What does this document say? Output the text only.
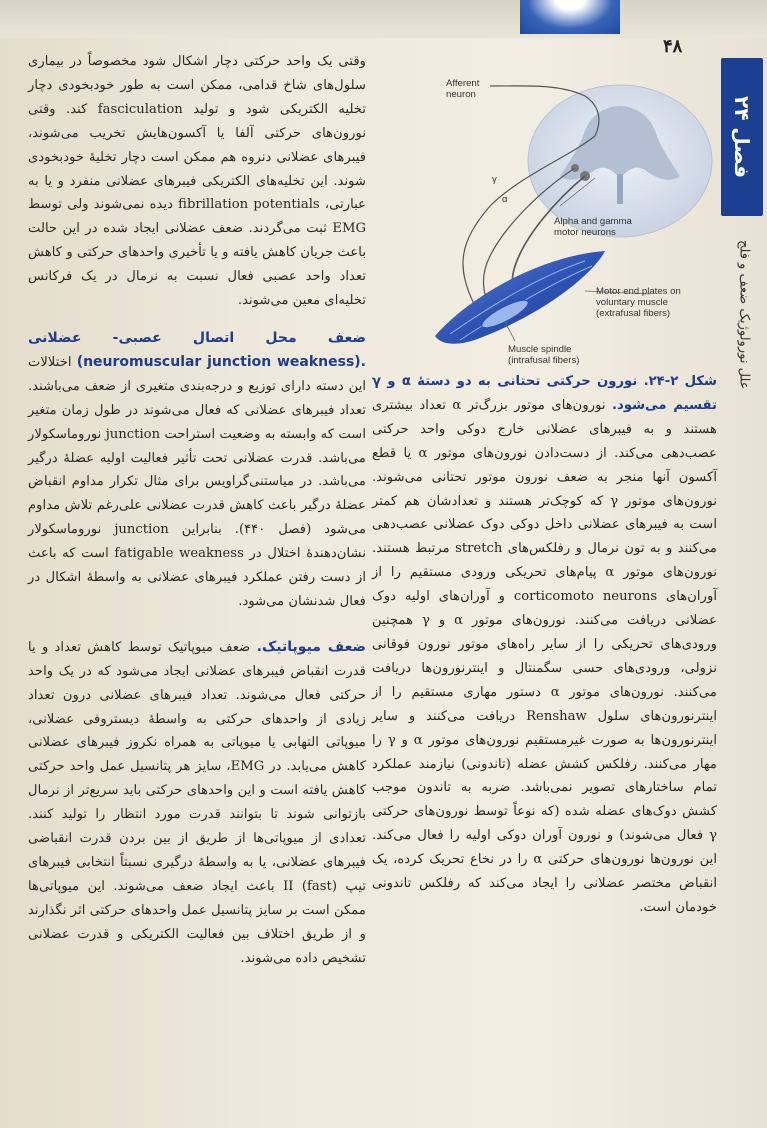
۴۸
فصل ۲۴
علل نورولوژیک ضعف و فلج
Afferent
neuron
γ
α
Alpha and gamma
motor neurons
Motor end plates on
voluntary muscle
(extrafusal fibers)
Muscle spindle
(intrafusal fibers)
شکل ۲-۲۴. نورون حرکتی تحتانی به دو دستهٔ α و γ تقسیم می‌شود. نورون‌های موتور بزرگ‌تر α تعداد بیشتری هستند و به فیبرهای عضلانی خارج دوکی واحد حرکتی عصب‌دهی می‌کند. از دست‌دادن نورون‌های موتور α یا قطع آکسون آنها منجر به ضعف نورون موتور تحتانی می‌شوند. نورون‌های موتور γ که کوچک‌تر هستند و تعدادشان هم کمتر است به فیبرهای عضلانی داخل دوکی دوک عضلانی عصب‌دهی می‌کنند و به تون نرمال و رفلکس‌های stretch مرتبط هستند. نورون‌های موتور α پیام‌های تحریکی ورودی مستقیم را از آوران‌های corticomoto neurons و آوران‌های اولیه دوک عضلانی دریافت می‌کنند. نورون‌های موتور α و γ همچنین ورودی‌های تحریکی را از سایر راه‌های موتور نورون فوقانی نزولی، ورودی‌های حسی سگمنتال و اینترنورون‌ها دریافت می‌کنند. نورون‌های موتور α دستور مهاری مستقیم را از اینترنورون‌های سلول Renshaw دریافت می‌کنند و سایر اینترنورون‌ها به صورت غیرمستقیم نورون‌های موتور α و γ را مهار می‌کنند. رفلکس کشش عضله (تاندونی) نیازمند عملکرد تمام ساختارهای تصویر نمی‌باشد. ضربه به تاندون موجب کشش دوک‌های عضله شده (که نوعاً توسط نورون‌های حرکتی γ فعال می‌شوند) و نورون آوران دوکی اولیه را فعال می‌کند. این نورون‌ها نورون‌های حرکتی α را در نخاع تحریک کرده، یک انقباض مختصر عضلانی را ایجاد می‌کند که رفلکس تاندونی خودمان است.

وقتی یک واحد حرکتی دچار اشکال شود مخصوصاً در بیماری سلول‌های شاخ قدامی، ممکن است به طور خودبخودی دچار تخلیه الکتریکی شود و تولید fasciculation کند. وقتی نورون‌های حرکتی آلفا یا آکسون‌هایش تخریب می‌شوند، فیبرهای عضلانی دنروه هم ممکن است دچار تخلیهٔ خودبخودی شوند. این تخلیه‌های الکتریکی فیبرهای عضلانی منفرد و یا به عبارتی، fibrillation potentials دیده نمی‌شوند ولی توسط EMG ثبت می‌گردند. ضعف عضلانی ایجاد شده در این حالت باعث جریان کاهش یافته و یا تأخیری واحدهای حرکتی و کاهش تعداد واحد عصبی فعال نسبت به نرمال در یک فرکانس تخلیه‌ای معین می‌شوند.

ضعف محل اتصال عصبی- عضلانی (neuromuscular junction weakness). اختلالات این دسته دارای توزیع و درجه‌بندی متغیری از ضعف می‌باشند. تعداد فیبرهای عضلانی که فعال می‌شوند در طول زمان متغیر است که وابسته به وضعیت استراحت junction نوروماسکولار می‌باشد. قدرت عضلانی تحت تأثیر فعالیت اولیه عضلهٔ درگیر می‌باشد. در میاستنی‌گراویس برای مثال تکرار مداوم انقباض عضلهٔ درگیر باعث کاهش قدرت عضلانی علی‌رغم تلاش مداوم می‌شود (فصل ۴۴۰). بنابراین junction نوروماسکولار نشان‌دهندهٔ اختلال در fatigable weakness است که باعث از دست رفتن عملکرد فیبرهای عضلانی به واسطهٔ اشکال در فعال شدنشان می‌شود.

ضعف میوپاتیک. ضعف میوپاتیک توسط کاهش تعداد و یا قدرت انقباض فیبرهای عضلانی ایجاد می‌شود که در یک واحد حرکتی فعال می‌شوند. تعداد فیبرهای عضلانی درون تعداد زیادی از واحدهای حرکتی به واسطهٔ دیستروفی عضلانی، میوپاتی التهابی یا میوپاتی به همراه نکروز فیبرهای عضلانی کاهش می‌یابد. در EMG، سایز هر پتانسیل عمل واحد حرکتی کاهش یافته است و این واحدهای حرکتی باید سریع‌تر از نرمال بازتوانی شوند تا بتوانند قدرت مورد انتظار را تولید کنند. تعدادی از میوپاتی‌ها از طریق از بین بردن قدرت انقباضی فیبرهای عضلانی، یا به واسطهٔ درگیری نسبتاً انتخابی فیبرهای تیپ II (fast) باعث ایجاد ضعف می‌شوند. این میوپاتی‌ها ممکن است بر سایز پتانسیل عمل واحدهای حرکتی اثر نگذارند و از طریق اختلاف بین فعالیت الکتریکی و قدرت عضلانی تشخیص داده می‌شوند.
